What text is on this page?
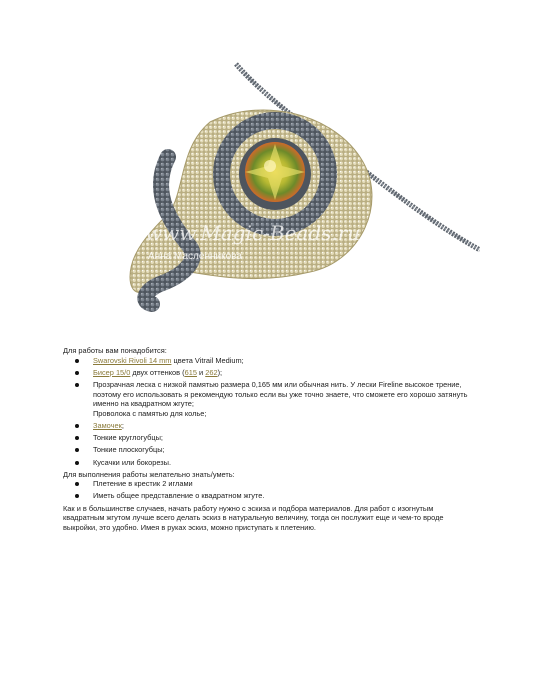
www.Magic-Beads.ru
Анна Масленникова

Для работы вам понадобится:

Swarovski Rivoli 14 mm цвета Vitrail Medium;
Бисер 15/0 двух оттенков (615 и 262);
Прозрачная леска с низкой памятью размера 0,165 мм или обычная нить. У лески Fireline высокое трение, поэтому его использовать я рекомендую только если вы уже точно знаете, что сможете его хорошо затянуть именно на квадратном жгуте;
Проволока с памятью для колье;
Замочек;
Тонкие круглогубцы;
Тонкие плоскогубцы;
Кусачки или бокорезы.

Для выполнения работы желательно знать/уметь:

Плетение в крестик 2 иглами
Иметь общее представление о квадратном жгуте.

Как и в большинстве случаев, начать работу нужно с эскиза и подбора материалов. Для работ с изогнутым квадратным жгутом лучше всего делать эскиз в натуральную величину, тогда он послужит еще и чем-то вроде выкройки, это удобно. Имея в руках эскиз, можно приступать к плетению.
